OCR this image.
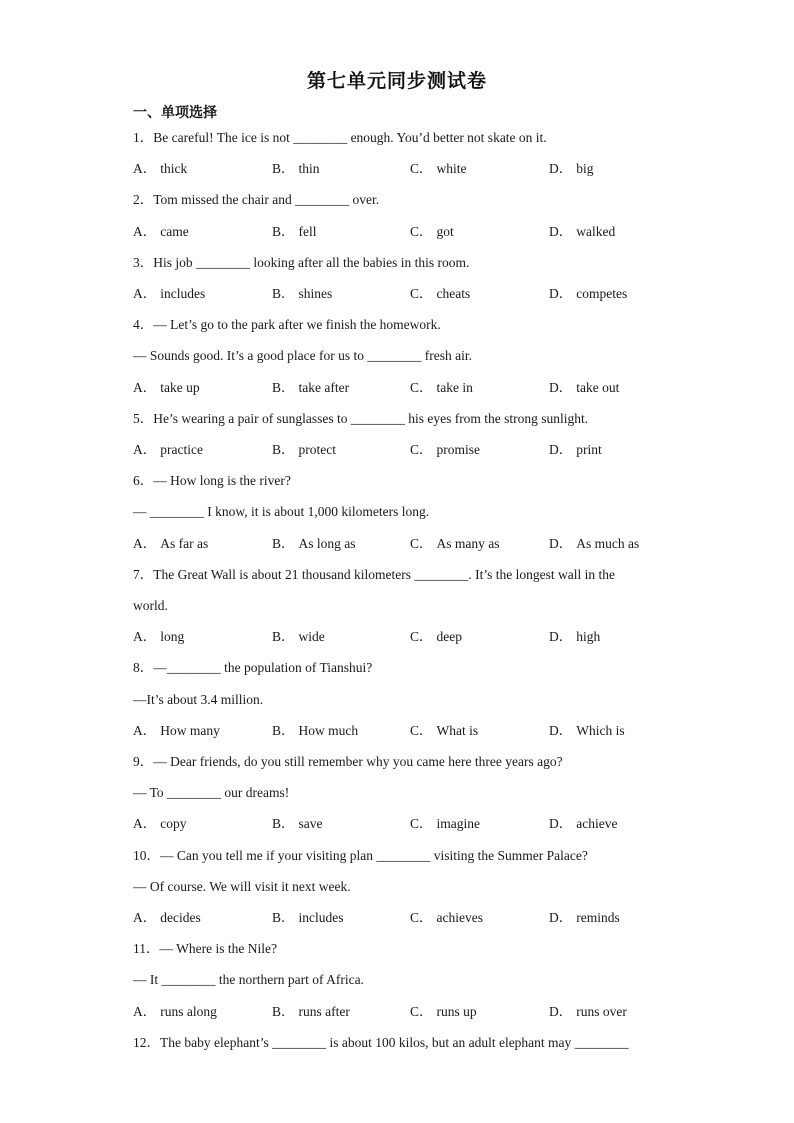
第七单元同步测试卷
一、单项选择
1．Be careful! The ice is not ________ enough. You’d better not skate on it.
A． thick	B． thin	C． white	D． big
2．Tom missed the chair and ________ over.
A． came	B． fell	C． got	D． walked
3．His job ________ looking after all the babies in this room.
A． includes	B． shines	C． cheats	D． competes
4．— Let’s go to the park after we finish the homework.
— Sounds good. It’s a good place for us to ________ fresh air.
A． take up	B． take after	C． take in	D． take out
5．He’s wearing a pair of sunglasses to ________ his eyes from the strong sunlight.
A． practice	B． protect	C． promise	D． print
6．— How long is the river?
— ________ I know, it is about 1,000 kilometers long.
A． As far as	B． As long as	C． As many as	D． As much as
7．The Great Wall is about 21 thousand kilometers ________. It’s the longest wall in the
world.
A． long	B． wide	C． deep	D． high
8．—________ the population of Tianshui?
—It’s about 3.4 million.
A． How many	B． How much	C． What is	D． Which is
9．— Dear friends, do you still remember why you came here three years ago?
— To ________ our dreams!
A． copy	B． save	C． imagine	D． achieve
10．— Can you tell me if your visiting plan ________ visiting the Summer Palace?
— Of course. We will visit it next week.
A． decides	B． includes	C． achieves	D． reminds
11．— Where is the Nile?
— It ________ the northern part of Africa.
A． runs along	B． runs after	C． runs up	D． runs over
12．The baby elephant’s ________ is about 100 kilos, but an adult elephant may ________
